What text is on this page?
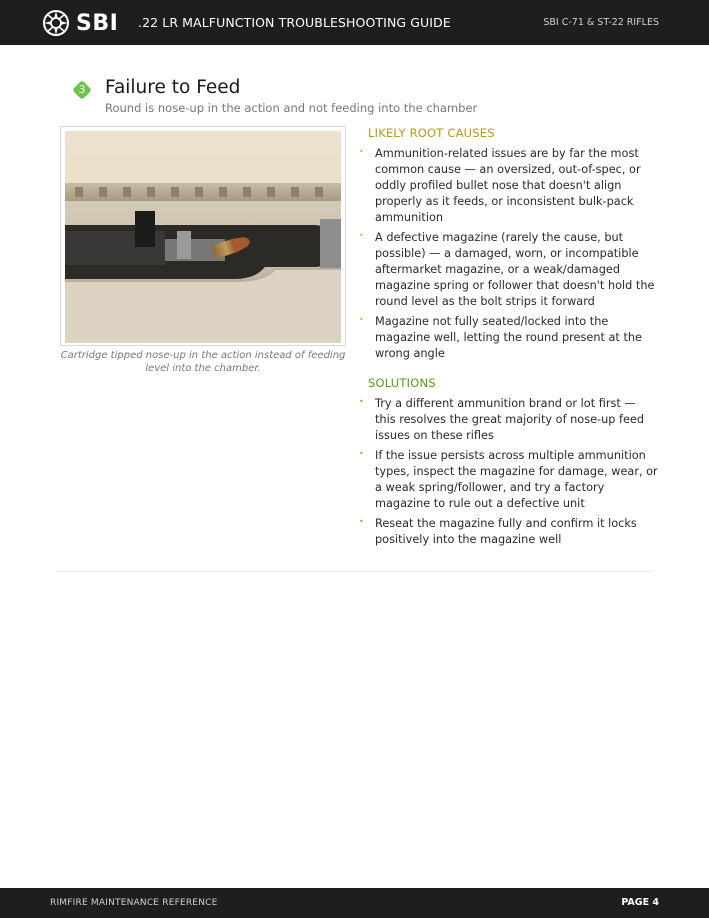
SBI .22 LR MALFUNCTION TROUBLESHOOTING GUIDE	SBI C-71 & ST-22 RIFLES
3	Failure to Feed
Round is nose-up in the action and not feeding into the chamber
Cartridge tipped nose-up in the action instead of feeding level into the chamber.
LIKELY ROOT CAUSES
• Ammunition-related issues are by far the most common cause — an oversized, out-of-spec, or oddly profiled bullet nose that doesn't align properly as it feeds, or inconsistent bulk-pack ammunition
• A defective magazine (rarely the cause, but possible) — a damaged, worn, or incompatible aftermarket magazine, or a weak/damaged magazine spring or follower that doesn't hold the round level as the bolt strips it forward
• Magazine not fully seated/locked into the magazine well, letting the round present at the wrong angle
SOLUTIONS
• Try a different ammunition brand or lot first — this resolves the great majority of nose-up feed issues on these rifles
• If the issue persists across multiple ammunition types, inspect the magazine for damage, wear, or a weak spring/follower, and try a factory magazine to rule out a defective unit
• Reseat the magazine fully and confirm it locks positively into the magazine well
RIMFIRE MAINTENANCE REFERENCE	PAGE 4
